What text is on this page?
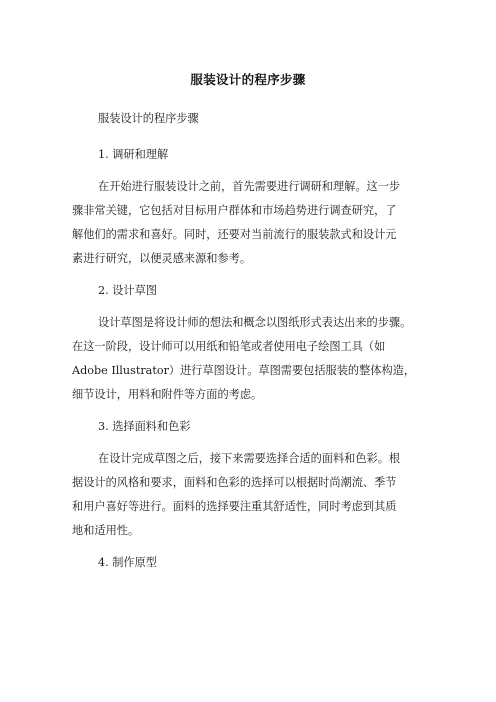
服装设计的程序步骤

服装设计的程序步骤

1. 调研和理解

在开始进行服装设计之前，首先需要进行调研和理解。这一步

骤非常关键，它包括对目标用户群体和市场趋势进行调查研究，了

解他们的需求和喜好。同时，还要对当前流行的服装款式和设计元

素进行研究，以便灵感来源和参考。

2. 设计草图

设计草图是将设计师的想法和概念以图纸形式表达出来的步骤。

在这一阶段，设计师可以用纸和铅笔或者使用电子绘图工具（如

Adobe Illustrator）进行草图设计。草图需要包括服装的整体构造，

细节设计，用料和附件等方面的考虑。

3. 选择面料和色彩

在设计完成草图之后，接下来需要选择合适的面料和色彩。根

据设计的风格和要求，面料和色彩的选择可以根据时尚潮流、季节

和用户喜好等进行。面料的选择要注重其舒适性，同时考虑到其质

地和适用性。

4. 制作原型
